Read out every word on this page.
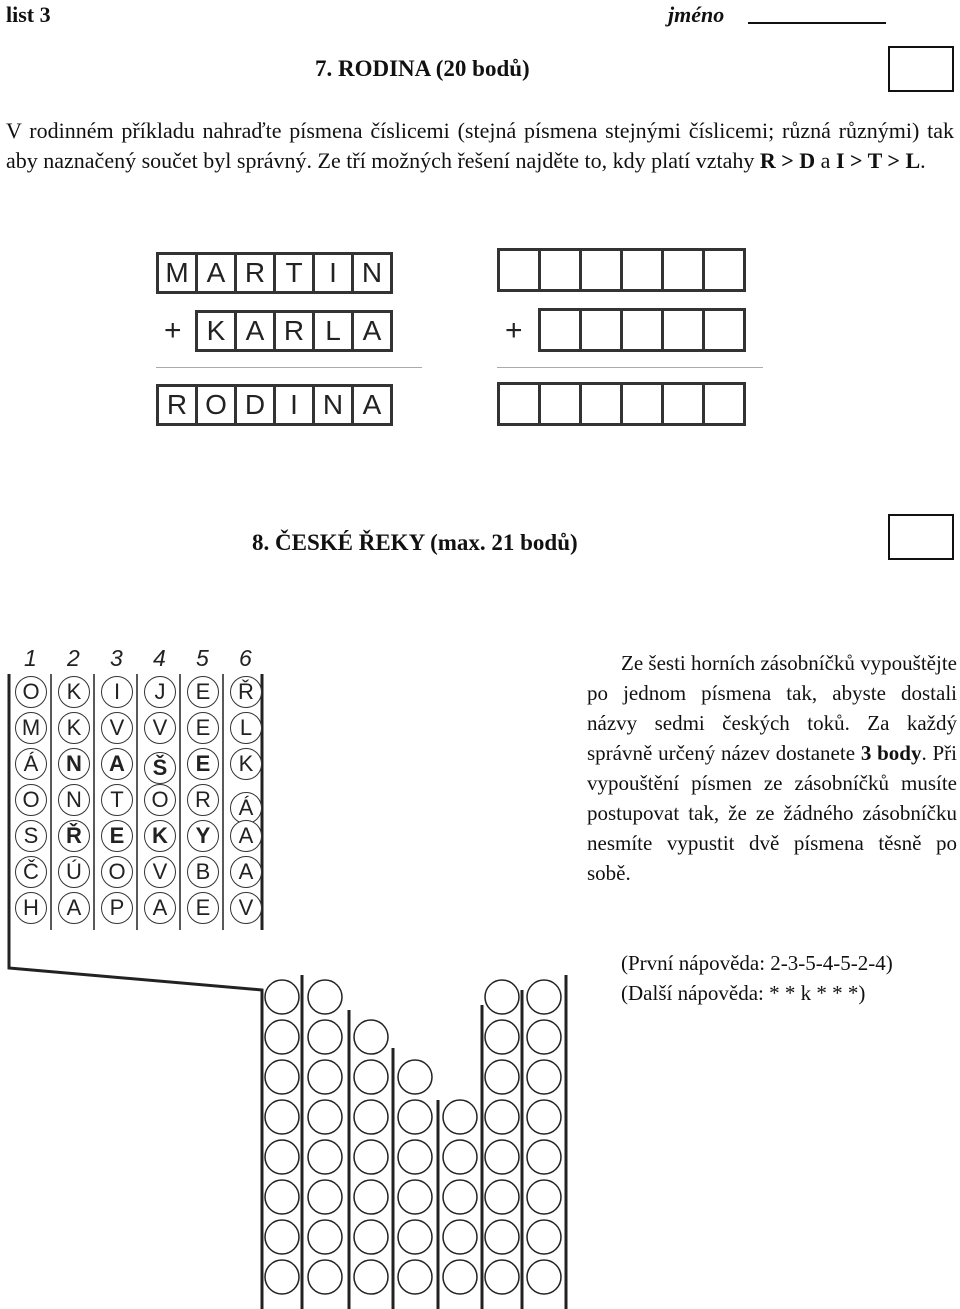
list 3	jméno
7. RODINA (20 bodů)
V rodinném příkladu nahraďte písmena číslicemi (stejná písmena stejnými číslicemi; různá různými) tak aby naznačený součet byl správný. Ze tří možných řešení najděte to, kdy platí vztahy R > D a I > T > L.
M A R T I N
+ K A R L A
R O D I N A
+
8. ČESKÉ ŘEKY (max. 21 bodů)
1 2 3 4 5 6
O	K	I	J	E	Ř
M	K	V	V	E	L
Á	N	A	Š	E	K
O	N	T	O	R	Á
S	Ř	E	K	Y	A
Č	Ú	O	V	B	A
H	A	P	A	E	V
Ze šesti horních zásobníčků vypouštějte po jednom písmena tak, abyste dostali názvy sedmi českých toků. Za každý správně určený název dostanete 3 body. Při vypouštění písmen ze zásobníčků musíte postupovat tak, že ze žádného zásobníčku nesmíte vypustit dvě písmena těsně po sobě.
(První nápověda: 2-3-5-4-5-2-4)
(Další nápověda: * * k * * *)
